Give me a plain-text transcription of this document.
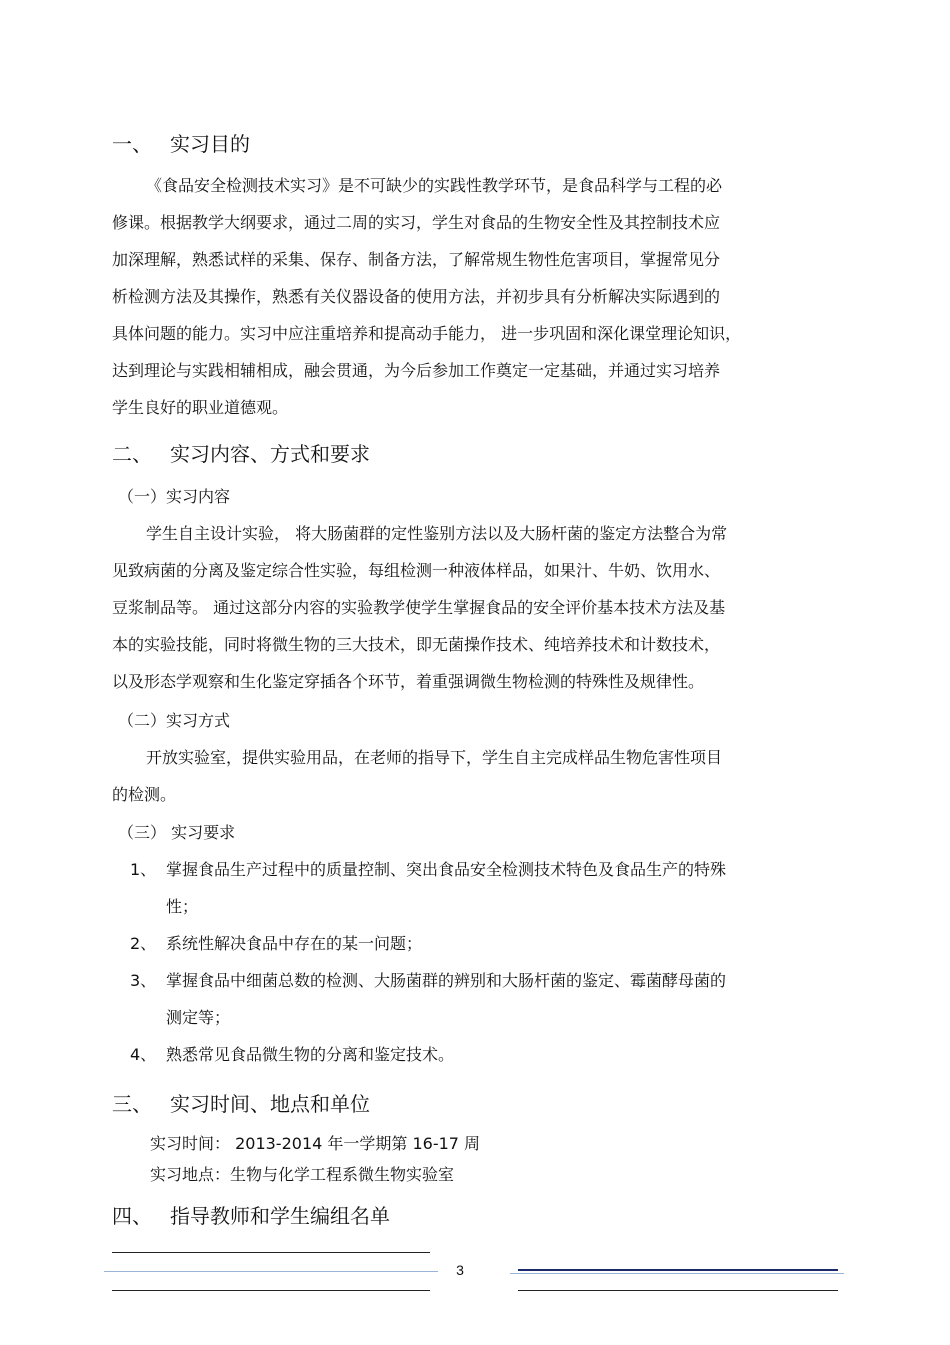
一、 实习目的
《食品安全检测技术实习》是不可缺少的实践性教学环节，是食品科学与工程的必
修课。根据教学大纲要求，通过二周的实习，学生对食品的生物安全性及其控制技术应
加深理解，熟悉试样的采集、保存、制备方法，了解常规生物性危害项目，掌握常见分
析检测方法及其操作，熟悉有关仪器设备的使用方法，并初步具有分析解决实际遇到的
具体问题的能力。实习中应注重培养和提高动手能力， 进一步巩固和深化课堂理论知识，
达到理论与实践相辅相成，融会贯通，为今后参加工作奠定一定基础，并通过实习培养
学生良好的职业道德观。
二、 实习内容、方式和要求
（一）实习内容
学生自主设计实验， 将大肠菌群的定性鉴别方法以及大肠杆菌的鉴定方法整合为常
见致病菌的分离及鉴定综合性实验，每组检测一种液体样品，如果汁、牛奶、饮用水、
豆浆制品等。 通过这部分内容的实验教学使学生掌握食品的安全评价基本技术方法及基
本的实验技能，同时将微生物的三大技术，即无菌操作技术、纯培养技术和计数技术，
以及形态学观察和生化鉴定穿插各个环节，着重强调微生物检测的特殊性及规律性。
（二）实习方式
开放实验室，提供实验用品，在老师的指导下，学生自主完成样品生物危害性项目
的检测。
（三） 实习要求
1、 掌握食品生产过程中的质量控制、突出食品安全检测技术特色及食品生产的特殊
性；
2、 系统性解决食品中存在的某一问题；
3、 掌握食品中细菌总数的检测、大肠菌群的辨别和大肠杆菌的鉴定、霉菌酵母菌的
测定等；
4、 熟悉常见食品微生物的分离和鉴定技术。
三、 实习时间、地点和单位
实习时间： 2013-2014 年一学期第 16-17 周
实习地点：生物与化学工程系微生物实验室
四、 指导教师和学生编组名单
3
